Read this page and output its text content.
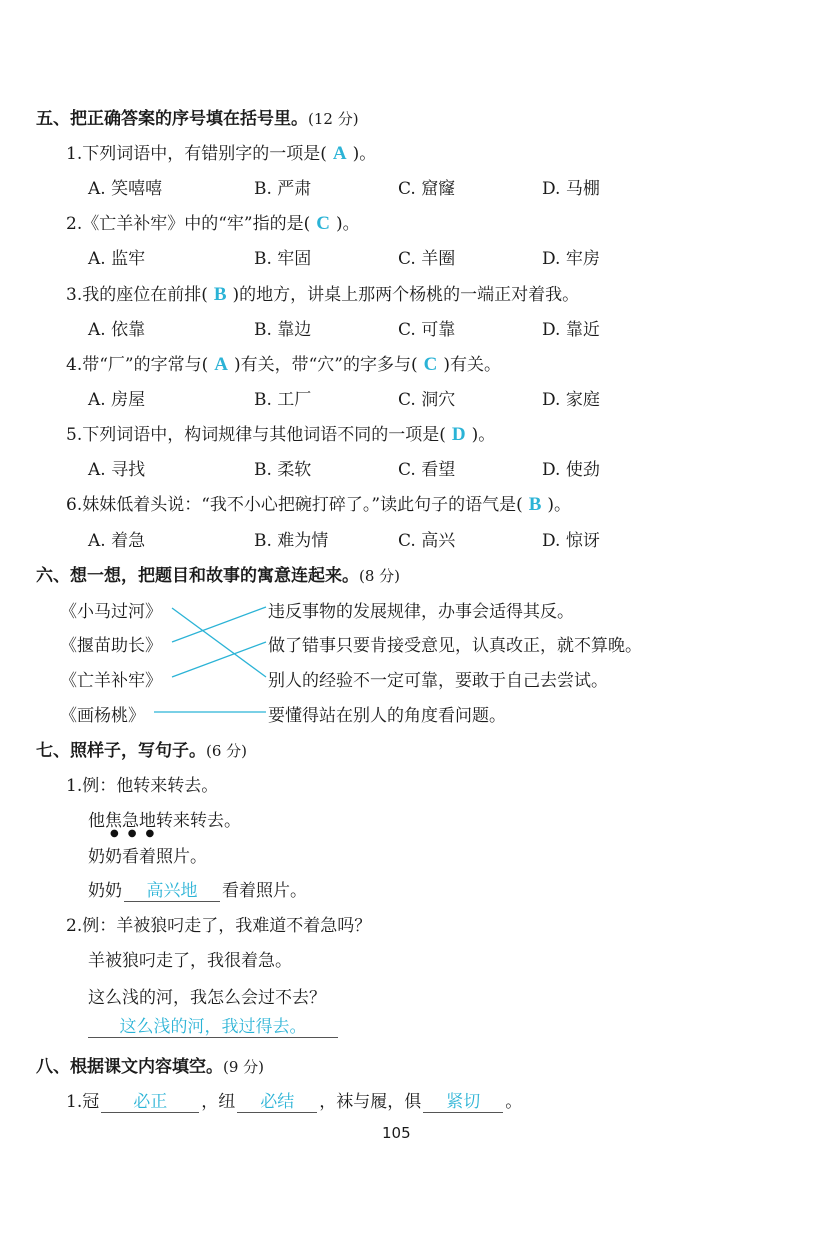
五、把正确答案的序号填在括号里。(12 分)
1.下列词语中，有错别字的一项是( A )。
A. 笑嘻嘻	B. 严肃	C. 窟窿	D. 马棚
2.《亡羊补牢》中的“牢”指的是( C )。
A. 监牢	B. 牢固	C. 羊圈	D. 牢房
3.我的座位在前排( B )的地方，讲桌上那两个杨桃的一端正对着我。
A. 依靠	B. 靠边	C. 可靠	D. 靠近
4.带“厂”的字常与( A )有关，带“穴”的字多与( C )有关。
A. 房屋	B. 工厂	C. 洞穴	D. 家庭
5.下列词语中，构词规律与其他词语不同的一项是( D )。
A. 寻找	B. 柔软	C. 看望	D. 使劲
6.妹妹低着头说：“我不小心把碗打碎了。”读此句子的语气是( B )。
A. 着急	B. 难为情	C. 高兴	D. 惊讶
六、想一想，把题目和故事的寓意连起来。(8 分)
《小马过河》
《揠苗助长》
《亡羊补牢》
《画杨桃》
违反事物的发展规律，办事会适得其反。
做了错事只要肯接受意见，认真改正，就不算晚。
别人的经验不一定可靠，要敢于自己去尝试。
要懂得站在别人的角度看问题。
七、照样子，写句子。(6 分)
1.例：他转来转去。
他焦急地
●●●
转来转去。
奶奶看着照片。
奶奶 高兴地 看着照片。
2.例：羊被狼叼走了，我难道不着急吗？
羊被狼叼走了，我很着急。
这么浅的河，我怎么会过不去？
这么浅的河，我过得去。
八、根据课文内容填空。(9 分)
1.冠 必正 ，纽 必结 ，袜与履，俱 紧切 。
105
